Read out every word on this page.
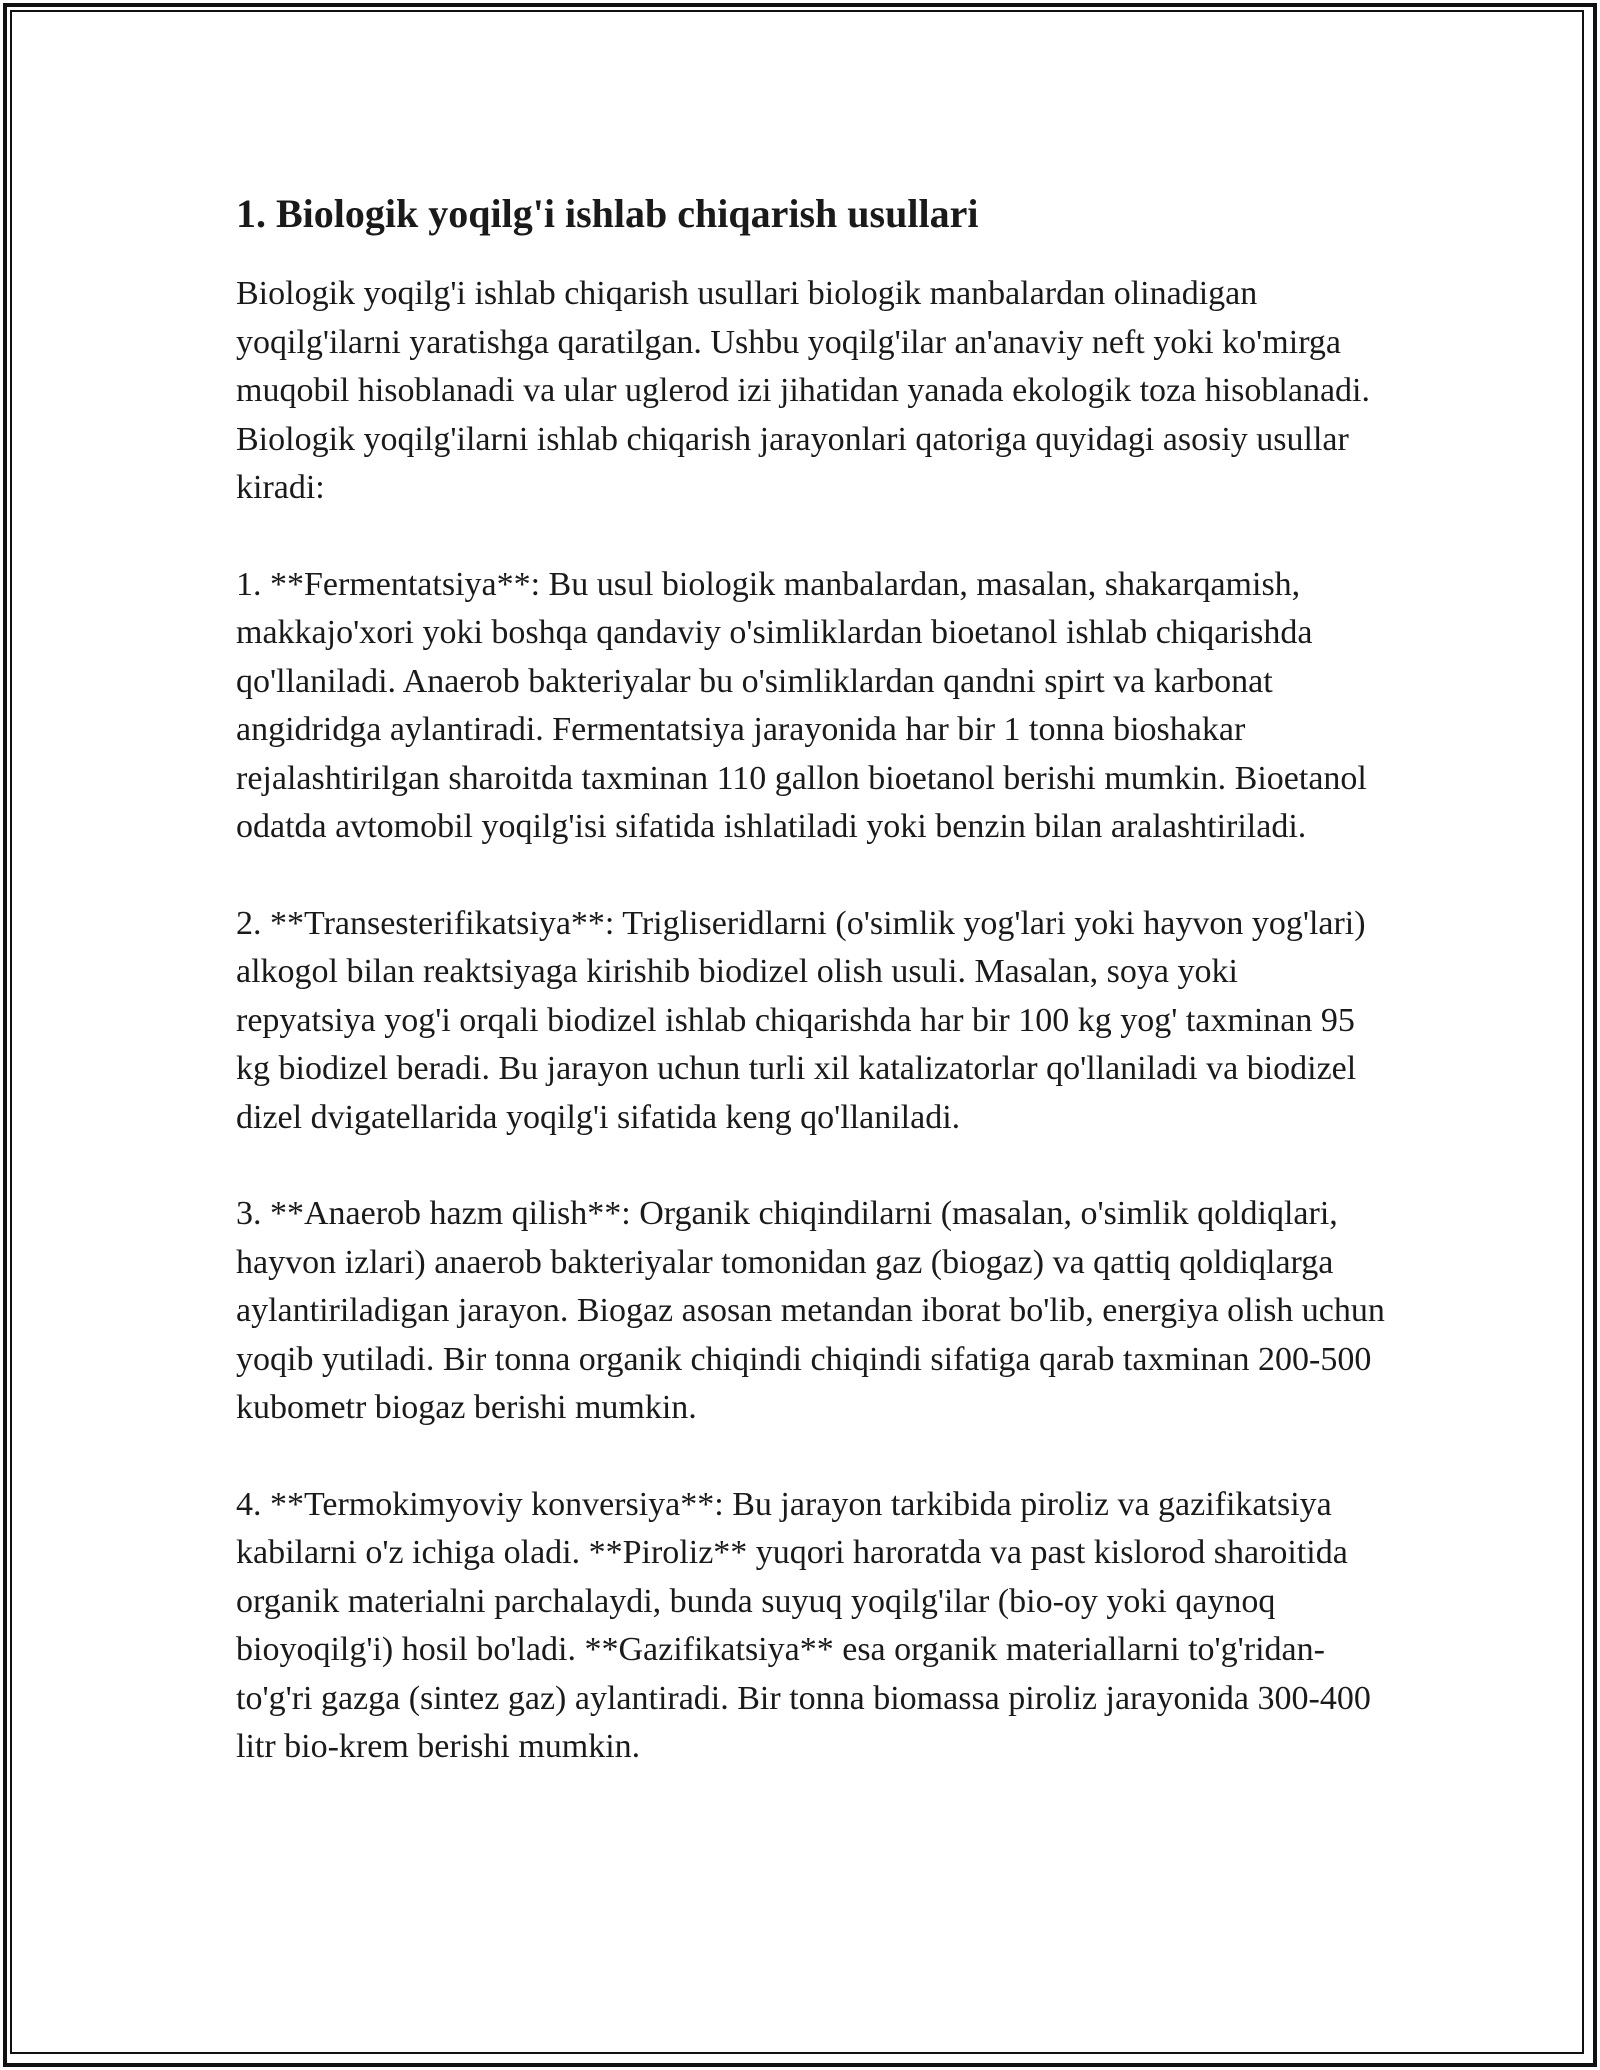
1. Biologik yoqilg'i ishlab chiqarish usullari

Biologik yoqilg'i ishlab chiqarish usullari biologik manbalardan olinadigan yoqilg'ilarni yaratishga qaratilgan. Ushbu yoqilg'ilar an'anaviy neft yoki ko'mirga muqobil hisoblanadi va ular uglerod izi jihatidan yanada ekologik toza hisoblanadi. Biologik yoqilg'ilarni ishlab chiqarish jarayonlari qatoriga quyidagi asosiy usullar kiradi:

1. **Fermentatsiya**: Bu usul biologik manbalardan, masalan, shakarqamish, makkajo'xori yoki boshqa qandaviy o'simliklardan bioetanol ishlab chiqarishda qo'llaniladi. Anaerob bakteriyalar bu o'simliklardan qandni spirt va karbonat angidridga aylantiradi. Fermentatsiya jarayonida har bir 1 tonna bioshakar rejalashtirilgan sharoitda taxminan 110 gallon bioetanol berishi mumkin. Bioetanol odatda avtomobil yoqilg'isi sifatida ishlatiladi yoki benzin bilan aralashtiriladi.

2. **Transesterifikatsiya**: Trigliseridlarni (o'simlik yog'lari yoki hayvon yog'lari) alkogol bilan reaktsiyaga kirishib biodizel olish usuli. Masalan, soya yoki repyatsiya yog'i orqali biodizel ishlab chiqarishda har bir 100 kg yog' taxminan 95 kg biodizel beradi. Bu jarayon uchun turli xil katalizatorlar qo'llaniladi va biodizel dizel dvigatellarida yoqilg'i sifatida keng qo'llaniladi.

3. **Anaerob hazm qilish**: Organik chiqindilarni (masalan, o'simlik qoldiqlari, hayvon izlari) anaerob bakteriyalar tomonidan gaz (biogaz) va qattiq qoldiqlarga aylantiriladigan jarayon. Biogaz asosan metandan iborat bo'lib, energiya olish uchun yoqib yutiladi. Bir tonna organik chiqindi chiqindi sifatiga qarab taxminan 200-500 kubometr biogaz berishi mumkin.

4. **Termokimyoviy konversiya**: Bu jarayon tarkibida piroliz va gazifikatsiya kabilarni o'z ichiga oladi. **Piroliz** yuqori haroratda va past kislorod sharoitida organik materialni parchalaydi, bunda suyuq yoqilg'ilar (bio-oy yoki qaynoq bioyoqilg'i) hosil bo'ladi. **Gazifikatsiya** esa organik materiallarni to'g'ridan-to'g'ri gazga (sintez gaz) aylantiradi. Bir tonna biomassa piroliz jarayonida 300-400 litr bio-krem berishi mumkin.
